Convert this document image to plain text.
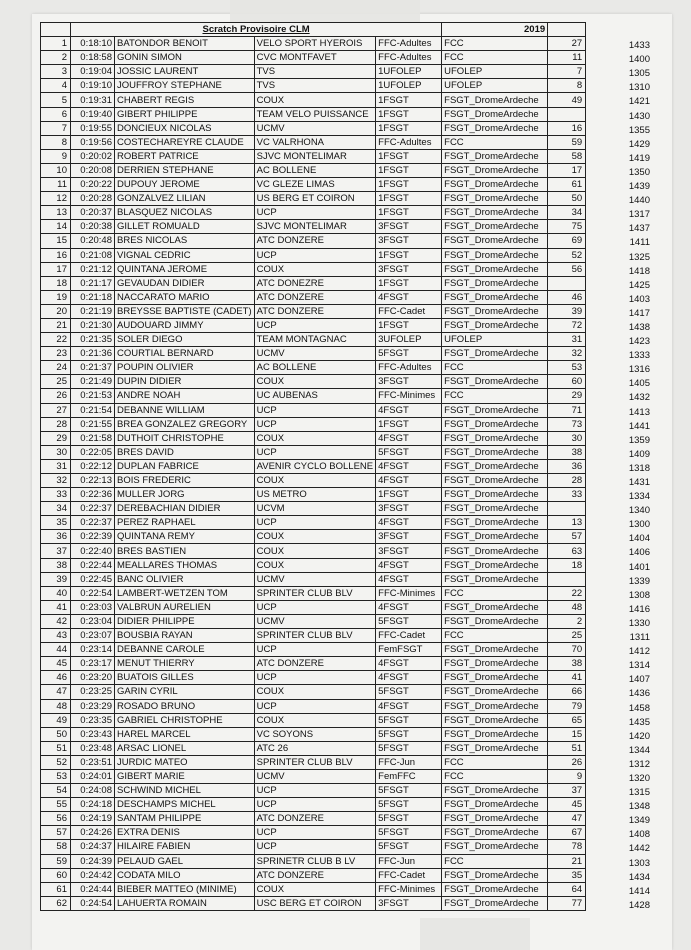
	Scratch Provisoire CLM				2019	
1	0:18:10	BATONDOR BENOIT	VELO SPORT HYEROIS	FFC-Adultes	FCC	27
2	0:18:58	GONIN SIMON	CVC MONTFAVET	FFC-Adultes	FCC	11
3	0:19:04	JOSSIC LAURENT	TVS	1UFOLEP	UFOLEP	7
4	0:19:10	JOUFFROY STEPHANE	TVS	1UFOLEP	UFOLEP	8
5	0:19:31	CHABERT REGIS	COUX	1FSGT	FSGT_DromeArdeche	49
6	0:19:40	GIBERT PHILIPPE	TEAM VELO PUISSANCE	1FSGT	FSGT_DromeArdeche	
7	0:19:55	DONCIEUX NICOLAS	UCMV	1FSGT	FSGT_DromeArdeche	16
8	0:19:56	COSTECHAREYRE CLAUDE	VC VALRHONA	FFC-Adultes	FCC	59
9	0:20:02	ROBERT PATRICE	SJVC MONTELIMAR	1FSGT	FSGT_DromeArdeche	58
10	0:20:08	DERRIEN STEPHANE	AC BOLLENE	1FSGT	FSGT_DromeArdeche	17
11	0:20:22	DUPOUY JEROME	VC GLEZE LIMAS	1FSGT	FSGT_DromeArdeche	61
12	0:20:28	GONZALVEZ LILIAN	US BERG ET COIRON	1FSGT	FSGT_DromeArdeche	50
13	0:20:37	BLASQUEZ NICOLAS	UCP	1FSGT	FSGT_DromeArdeche	34
14	0:20:38	GILLET ROMUALD	SJVC MONTELIMAR	3FSGT	FSGT_DromeArdeche	75
15	0:20:48	BRES NICOLAS	ATC DONZERE	3FSGT	FSGT_DromeArdeche	69
16	0:21:08	VIGNAL CEDRIC	UCP	1FSGT	FSGT_DromeArdeche	52
17	0:21:12	QUINTANA JEROME	COUX	3FSGT	FSGT_DromeArdeche	56
18	0:21:17	GEVAUDAN DIDIER	ATC DONEZRE	1FSGT	FSGT_DromeArdeche	
19	0:21:18	NACCARATO MARIO	ATC DONZERE	4FSGT	FSGT_DromeArdeche	46
20	0:21:19	BREYSSE BAPTISTE (CADET)	ATC DONZERE	FFC-Cadet	FSGT_DromeArdeche	39
21	0:21:30	AUDOUARD JIMMY	UCP	1FSGT	FSGT_DromeArdeche	72
22	0:21:35	SOLER DIEGO	TEAM MONTAGNAC	3UFOLEP	UFOLEP	31
23	0:21:36	COURTIAL BERNARD	UCMV	5FSGT	FSGT_DromeArdeche	32
24	0:21:37	POUPIN OLIVIER	AC BOLLENE	FFC-Adultes	FCC	53
25	0:21:49	DUPIN DIDIER	COUX	3FSGT	FSGT_DromeArdeche	60
26	0:21:53	ANDRE NOAH	UC AUBENAS	FFC-Minimes	FCC	29
27	0:21:54	DEBANNE WILLIAM	UCP	4FSGT	FSGT_DromeArdeche	71
28	0:21:55	BREA GONZALEZ GREGORY	UCP	1FSGT	FSGT_DromeArdeche	73
29	0:21:58	DUTHOIT CHRISTOPHE	COUX	4FSGT	FSGT_DromeArdeche	30
30	0:22:05	BRES DAVID	UCP	5FSGT	FSGT_DromeArdeche	38
31	0:22:12	DUPLAN FABRICE	AVENIR CYCLO BOLLENE	4FSGT	FSGT_DromeArdeche	36
32	0:22:13	BOIS FREDERIC	COUX	4FSGT	FSGT_DromeArdeche	28
33	0:22:36	MULLER JORG	US METRO	1FSGT	FSGT_DromeArdeche	33
34	0:22:37	DEREBACHIAN DIDIER	UCVM	3FSGT	FSGT_DromeArdeche	
35	0:22:37	PEREZ RAPHAEL	UCP	4FSGT	FSGT_DromeArdeche	13
36	0:22:39	QUINTANA REMY	COUX	3FSGT	FSGT_DromeArdeche	57
37	0:22:40	BRES BASTIEN	COUX	3FSGT	FSGT_DromeArdeche	63
38	0:22:44	MEALLARES THOMAS	COUX	4FSGT	FSGT_DromeArdeche	18
39	0:22:45	BANC OLIVIER	UCMV	4FSGT	FSGT_DromeArdeche	
40	0:22:54	LAMBERT-WETZEN TOM	SPRINTER CLUB BLV	FFC-Minimes	FCC	22
41	0:23:03	VALBRUN AURELIEN	UCP	4FSGT	FSGT_DromeArdeche	48
42	0:23:04	DIDIER PHILIPPE	UCMV	5FSGT	FSGT_DromeArdeche	2
43	0:23:07	BOUSBIA RAYAN	SPRINTER CLUB BLV	FFC-Cadet	FCC	25
44	0:23:14	DEBANNE CAROLE	UCP	FemFSGT	FSGT_DromeArdeche	70
45	0:23:17	MENUT THIERRY	ATC DONZERE	4FSGT	FSGT_DromeArdeche	38
46	0:23:20	BUATOIS GILLES	UCP	4FSGT	FSGT_DromeArdeche	41
47	0:23:25	GARIN CYRIL	COUX	5FSGT	FSGT_DromeArdeche	66
48	0:23:29	ROSADO BRUNO	UCP	4FSGT	FSGT_DromeArdeche	79
49	0:23:35	GABRIEL CHRISTOPHE	COUX	5FSGT	FSGT_DromeArdeche	65
50	0:23:43	HAREL MARCEL	VC SOYONS	5FSGT	FSGT_DromeArdeche	15
51	0:23:48	ARSAC LIONEL	ATC 26	5FSGT	FSGT_DromeArdeche	51
52	0:23:51	JURDIC MATEO	SPRINTER CLUB BLV	FFC-Jun	FCC	26
53	0:24:01	GIBERT MARIE	UCMV	FemFFC	FCC	9
54	0:24:08	SCHWIND MICHEL	UCP	5FSGT	FSGT_DromeArdeche	37
55	0:24:18	DESCHAMPS MICHEL	UCP	5FSGT	FSGT_DromeArdeche	45
56	0:24:19	SANTAM PHILIPPE	ATC DONZERE	5FSGT	FSGT_DromeArdeche	47
57	0:24:26	EXTRA DENIS	UCP	5FSGT	FSGT_DromeArdeche	67
58	0:24:37	HILAIRE FABIEN	UCP	5FSGT	FSGT_DromeArdeche	78
59	0:24:39	PELAUD GAEL	SPRINETR CLUB B LV	FFC-Jun	FCC	21
60	0:24:42	CODATA MILO	ATC DONZERE	FFC-Cadet	FSGT_DromeArdeche	35
61	0:24:44	BIEBER MATTEO (MINIME)	COUX	FFC-Minimes	FSGT_DromeArdeche	64
62	0:24:54	LAHUERTA ROMAIN	USC BERG ET COIRON	3FSGT	FSGT_DromeArdeche	77
1433
1400
1305
1310
1421
1430
1355
1429
1419
1350
1439
1440
1317
1437
1411
1325
1418
1425
1403
1417
1438
1423
1333
1316
1405
1432
1413
1441
1359
1409
1318
1431
1334
1340
1300
1404
1406
1401
1339
1308
1416
1330
1311
1412
1314
1407
1436
1458
1435
1420
1344
1312
1320
1315
1348
1349
1408
1442
1303
1434
1414
1428
